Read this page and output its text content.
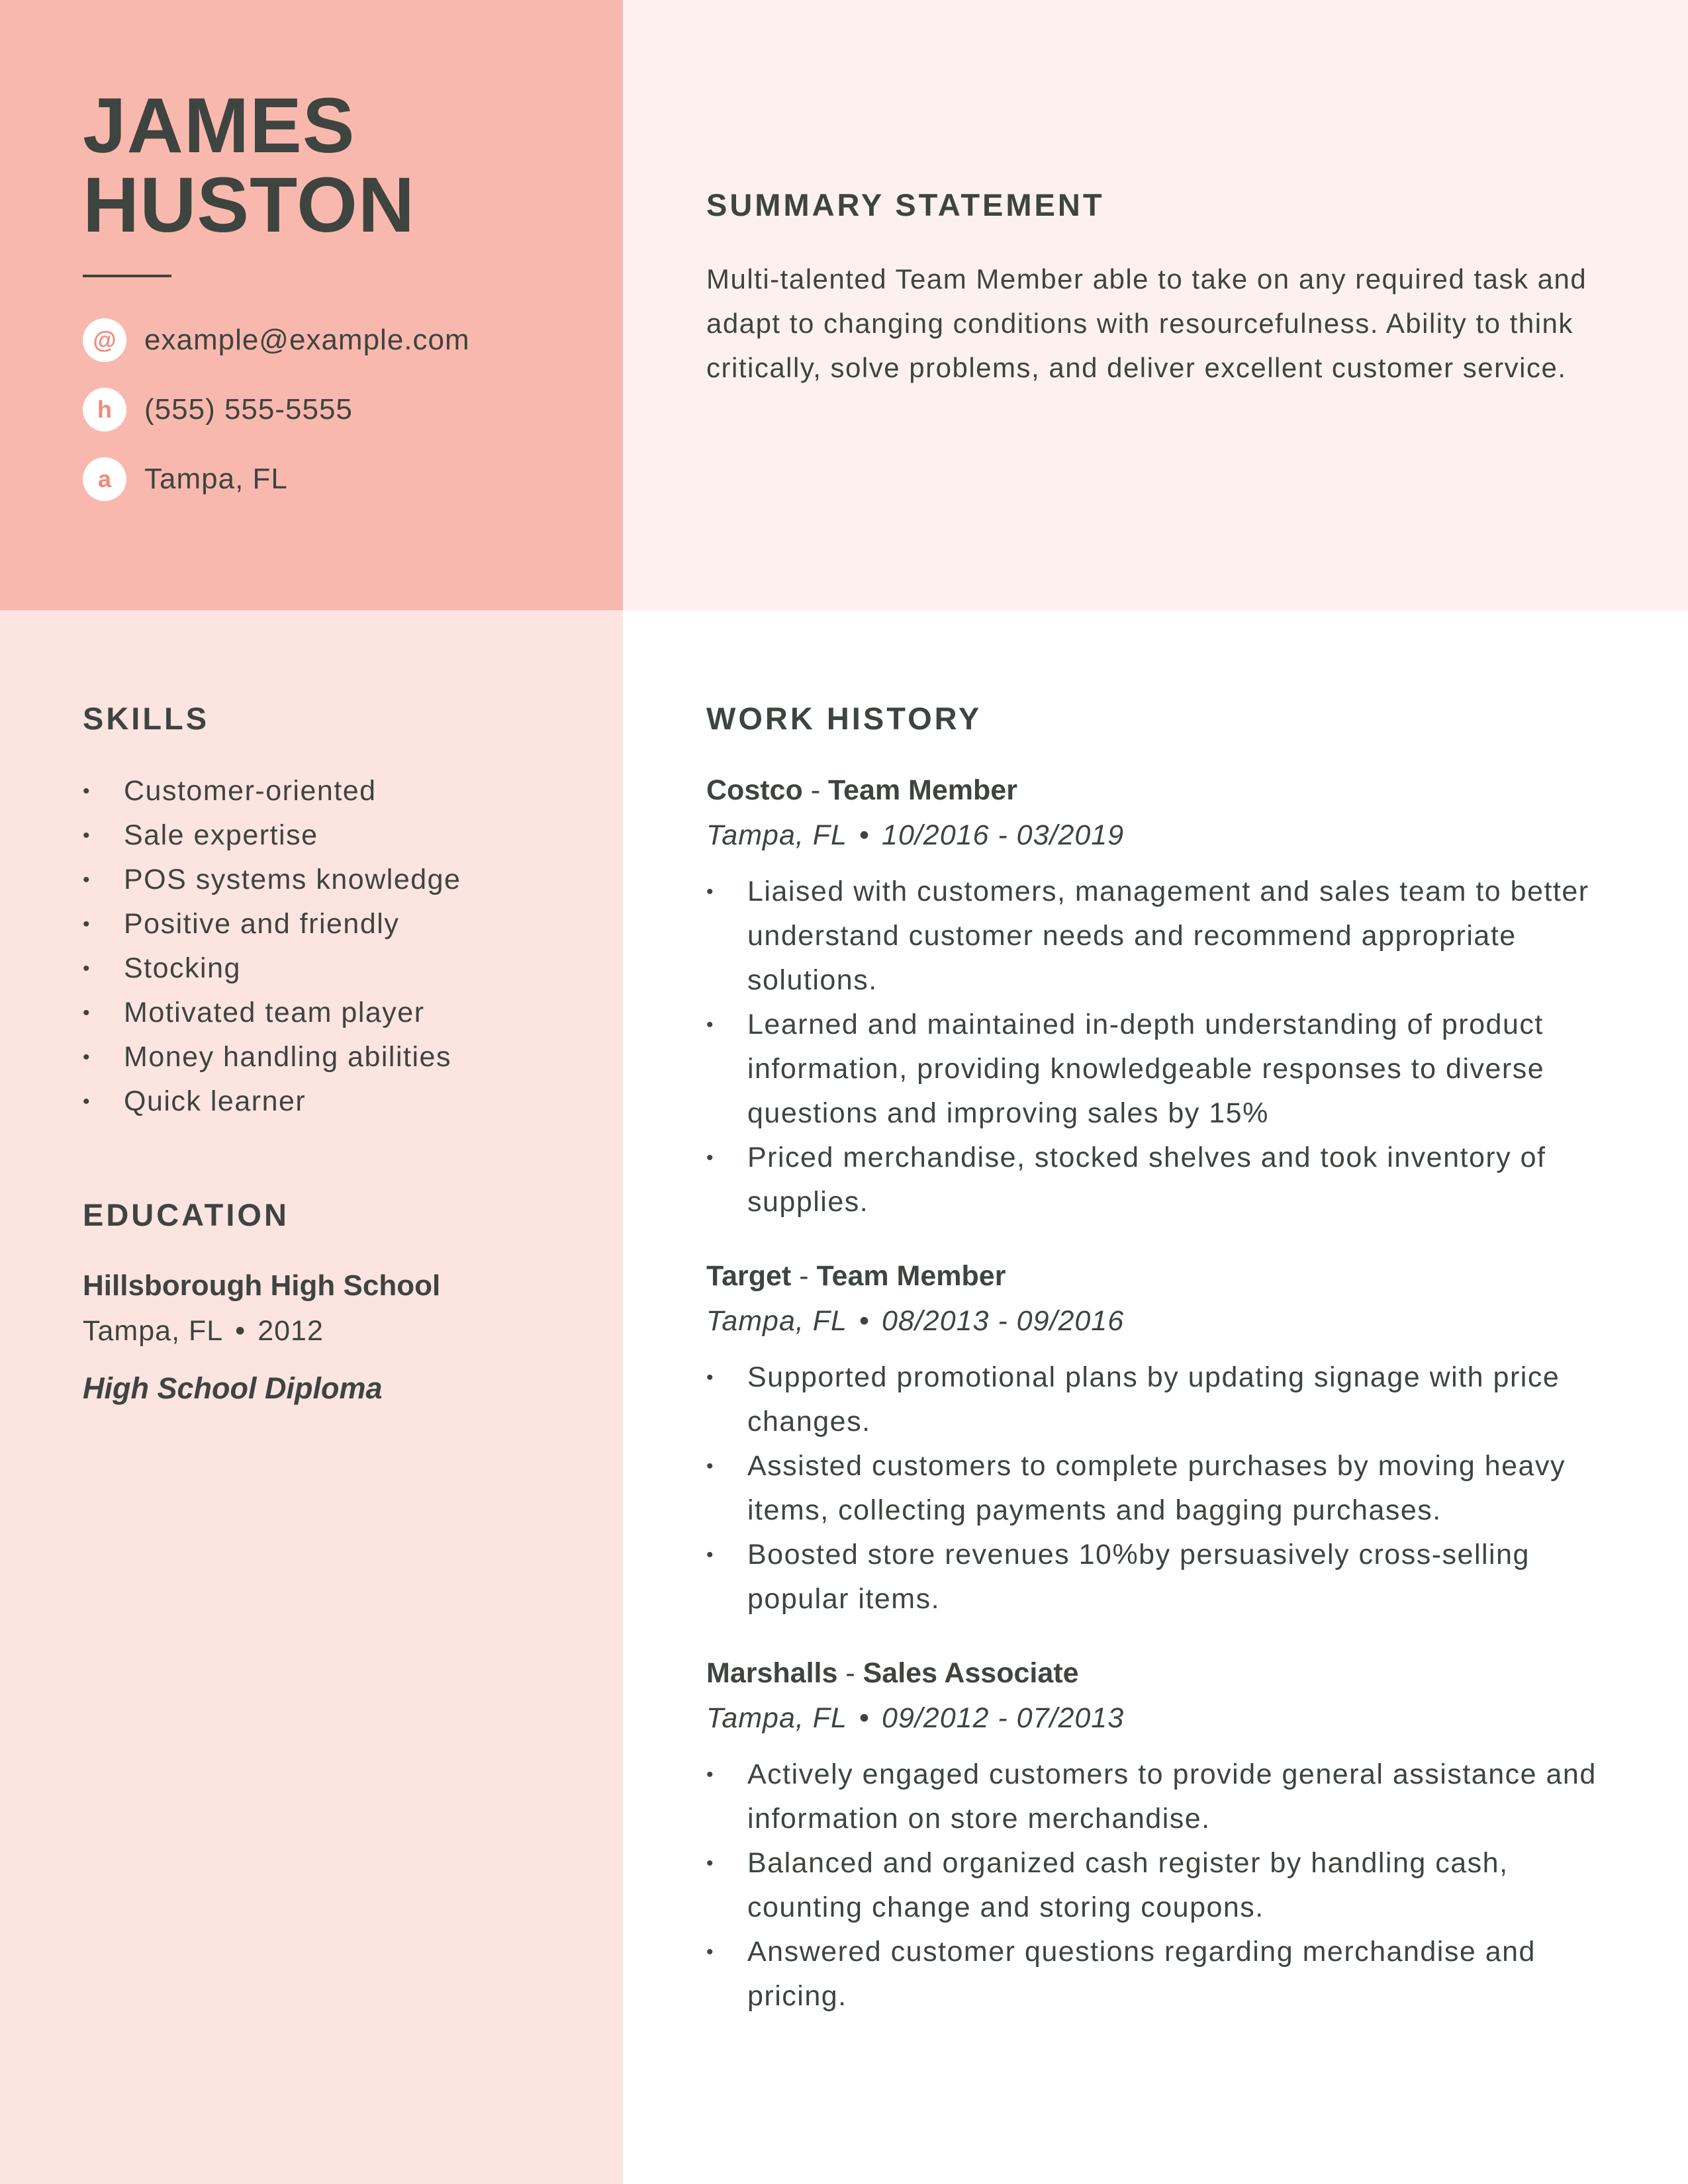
JAMES
HUSTON
@ example@example.com
h	(555) 555-5555
a	Tampa, FL
SUMMARY STATEMENT
Multi-talented Team Member able to take on any required task and adapt to changing conditions with resourcefulness. Ability to think critically, solve problems, and deliver excellent customer service.
SKILLS
• Customer-oriented
• Sale expertise
• POS systems knowledge
• Positive and friendly
• Stocking
• Motivated team player
• Money handling abilities
• Quick learner
EDUCATION
Hillsborough High School
Tampa, FL • 2012
High School Diploma
WORK HISTORY
Costco - Team Member
Tampa, FL • 10/2016 - 03/2019
• Liaised with customers, management and sales team to better understand customer needs and recommend appropriate solutions.
• Learned and maintained in-depth understanding of product information, providing knowledgeable responses to diverse questions and improving sales by 15%
• Priced merchandise, stocked shelves and took inventory of supplies.
Target - Team Member
Tampa, FL • 08/2013 - 09/2016
• Supported promotional plans by updating signage with price changes.
• Assisted customers to complete purchases by moving heavy items, collecting payments and bagging purchases.
• Boosted store revenues 10%by persuasively cross-selling popular items.
Marshalls - Sales Associate
Tampa, FL • 09/2012 - 07/2013
• Actively engaged customers to provide general assistance and information on store merchandise.
• Balanced and organized cash register by handling cash, counting change and storing coupons.
• Answered customer questions regarding merchandise and pricing.
